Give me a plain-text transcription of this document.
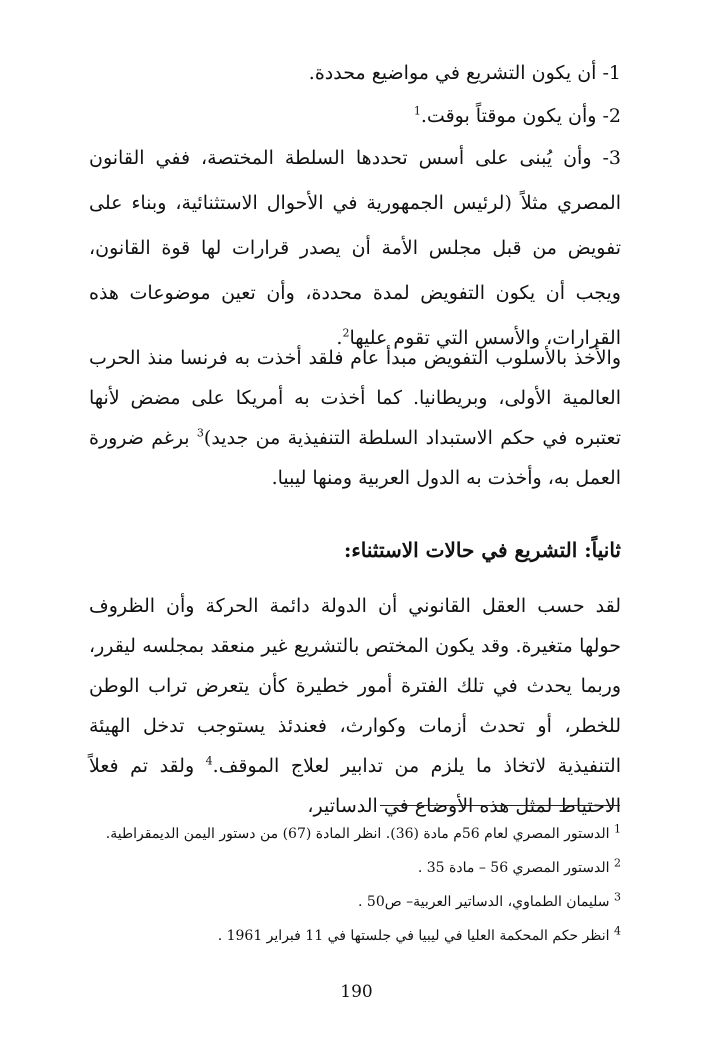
1- أن يكون التشريع في مواضيع محددة.
2- وأن يكون موقتاً بوقت.$^1$
3- وأن يُبنى على أسس تحددها السلطة المختصة، ففي القانون المصري مثلاً (لرئيس الجمهورية في الأحوال الاستثنائية، وبناء على تفويض من قبل مجلس الأمة أن يصدر قرارات لها قوة القانون، ويجب أن يكون التفويض لمدة محددة، وأن تعين موضوعات هذه القرارات، والأسس التي تقوم عليها$^2$.
والأخذ بالأسلوب التفويض مبدأ عام فلقد أخذت به فرنسا منذ الحرب العالمية الأولى، وبريطانيا. كما أخذت به أمريكا على مضض لأنها تعتبره في حكم الاستبداد السلطة التنفيذية من جديد)$^3$ برغم ضرورة العمل به، وأخذت به الدول العربية ومنها ليبيا.
ثانياً: التشريع في حالات الاستثناء:
لقد حسب العقل القانوني أن الدولة دائمة الحركة وأن الظروف حولها متغيرة. وقد يكون المختص بالتشريع غير منعقد بمجلسه ليقرر، وربما يحدث في تلك الفترة أمور خطيرة كأن يتعرض تراب الوطن للخطر، أو تحدث أزمات وكوارث، فعندئذ يستوجب تدخل الهيئة التنفيذية لاتخاذ ما يلزم من تدابير لعلاج الموقف.$^4$ ولقد تم فعلاً الاحتياط لمثل هذه الأوضاع في الدساتير،
$^1$ الدستور المصري لعام 56م مادة (36). انظر المادة (67) من دستور اليمن الديمقراطية.
$^2$ الدستور المصري 56 – مادة 35 .
$^3$ سليمان الطماوي، الدساتير العربية– ص50 .
$^4$ انظر حكم المحكمة العليا في ليبيا في جلستها في 11 فبراير 1961 .
190
